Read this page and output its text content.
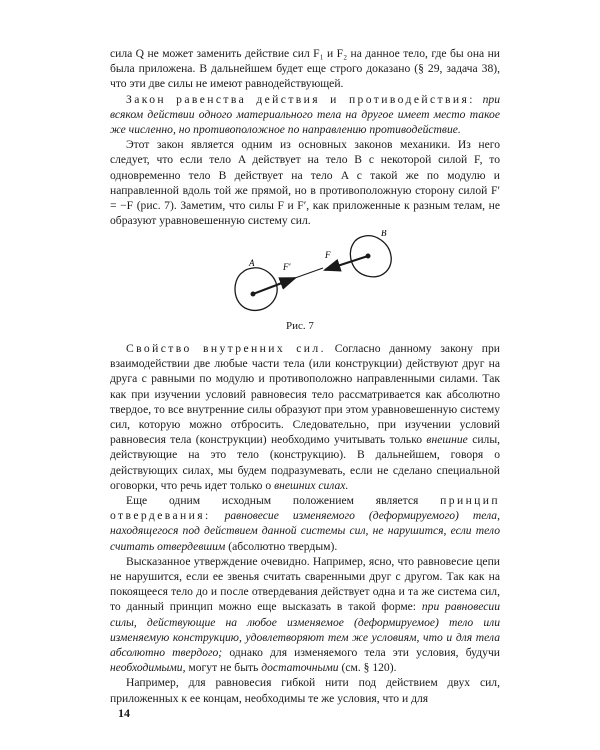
сила Q не может заменить действие сил F₁ и F₂ на данное тело, где бы она ни была приложена. В дальнейшем будет еще строго доказано (§ 29, задача 38), что эти две силы не имеют равнодействующей.

Закон равенства действия и противодействия: при всяком действии одного материального тела на другое имеет место такое же численно, но противоположное по направлению противодействие.

Этот закон является одним из основных законов механики. Из него следует, что если тело A действует на тело B с некоторой силой F, то одновременно тело B действует на тело A с такой же по модулю и направленной вдоль той же прямой, но в противоположную сторону силой F′ = −F (рис. 7). Заметим, что силы F и F′, как приложенные к разным телам, не образуют уравновешенную систему сил.

A
B
F′
F
Рис. 7

Свойство внутренних сил. Согласно данному закону при взаимодействии две любые части тела (или конструкции) действуют друг на друга с равными по модулю и противоположно направленными силами. Так как при изучении условий равновесия тело рассматривается как абсолютно твердое, то все внутренние силы образуют при этом уравновешенную систему сил, которую можно отбросить. Следовательно, при изучении условий равновесия тела (конструкции) необходимо учитывать только внешние силы, действующие на это тело (конструкцию). В дальнейшем, говоря о действующих силах, мы будем подразумевать, если не сделано специальной оговорки, что речь идет только о внешних силах.

Еще одним исходным положением является принцип отвердевания: равновесие изменяемого (деформируемого) тела, находящегося под действием данной системы сил, не нарушится, если тело считать отвердевшим (абсолютно твердым).

Высказанное утверждение очевидно. Например, ясно, что равновесие цепи не нарушится, если ее звенья считать сваренными друг с другом. Так как на покоящееся тело до и после отвердевания действует одна и та же система сил, то данный принцип можно еще высказать в такой форме: при равновесии силы, действующие на любое изменяемое (деформируемое) тело или изменяемую конструкцию, удовлетворяют тем же условиям, что и для тела абсолютно твердого; однако для изменяемого тела эти условия, будучи необходимыми, могут не быть достаточными (см. § 120).

Например, для равновесия гибкой нити под действием двух сил, приложенных к ее концам, необходимы те же условия, что и для

14
